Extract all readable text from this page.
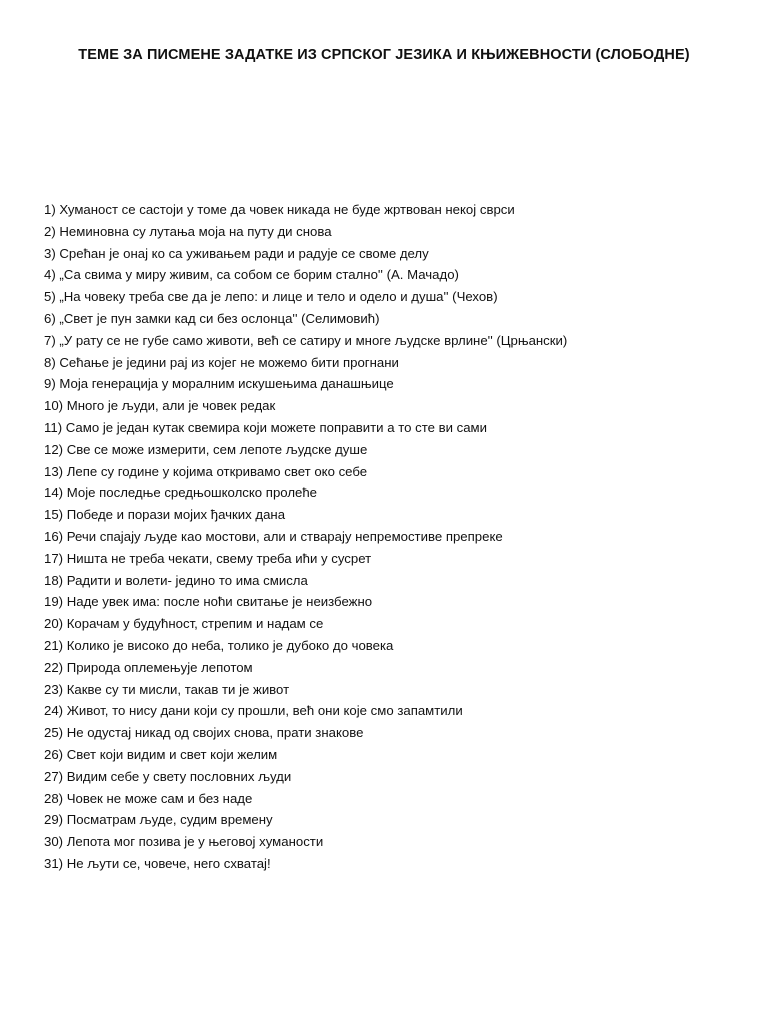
ТЕМЕ ЗА ПИСМЕНЕ ЗАДАТКЕ ИЗ СРПСКОГ ЈЕЗИКА И КЊИЖЕВНОСТИ (СЛОБОДНЕ)
1) Хуманост се састоји у томе да човек никада не буде жртвован некој сврси
2) Неминовна су лутања моја на путу ди снова
3) Срећан је онај ко са уживањем ради и радује се своме делу
4) „Са свима у миру живим, са собом се борим стално'' (А. Мачадо)
5) „На човеку треба све да је лепо: и лице и тело и одело и душа'' (Чехов)
6) „Свет је пун замки кад си без ослонца'' (Селимовић)
7) „У рату се не губе само животи, већ се сатиру и многе људске врлине'' (Црњански)
8) Сећање је једини рај из којег не можемо бити прогнани
9) Моја генерација у моралним искушењима данашњице
10) Много је људи, али је човек редак
11) Само је један кутак свемира који можете поправити а то сте ви сами
12) Све се може измерити, сем лепоте људске душе
13) Лепе су године у којима откривамо свет око себе
14) Моје последње средњошколско пролеће
15) Победе и порази мојих ђачких дана
16) Речи спајају људе као мостови, али и стварају непремостиве препреке
17) Ништа не треба чекати, свему треба ићи у сусрет
18) Радити и волети- једино то има смисла
19) Наде увек има: после ноћи свитање је неизбежно
20) Корачам у будућност, стрепим и надам се
21) Колико је високо до неба, толико је дубоко до човека
22) Природа оплемењује лепотом
23) Какве су ти мисли, такав ти је живот
24) Живот, то нису дани који су прошли, већ они које смо запамтили
25) Не одустај никад од својих снова, прати знакове
26) Свет који видим и свет који желим
27) Видим себе у свету пословних људи
28) Човек не може сам и без наде
29) Посматрам људе, судим времену
30) Лепота мог позива је у његовој хуманости
31) Не љути се, човече, него схватај!
